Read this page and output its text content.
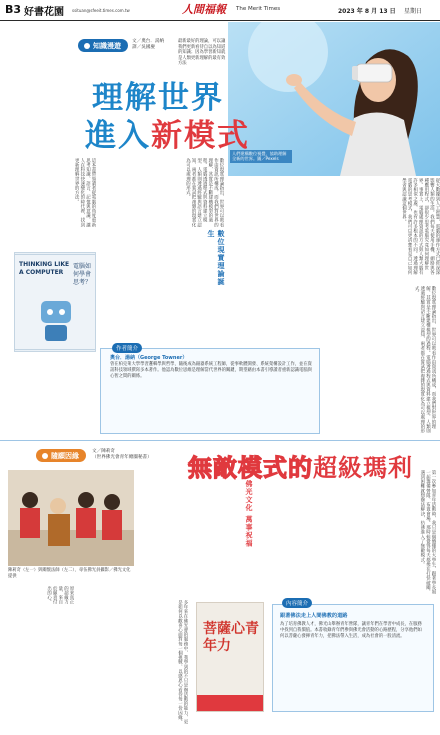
B3 好書花園 ssituan@sfeeit.times.com.tw	人間福報 The Merit Times	2023 年 8 月 13 日 星期日
人們建構數位視覺，協助理解全新的世界。圖／Pexels
知識漫遊 文／奧台．湯納
譯／吳國慶
最新最好的理論，可以讓我們更新看待自以為知道的知識；因為學習新知就是人類更新理解的最有效方法
理解世界
進入新模式
從大數據到人工智慧，電腦的運作方式已經深深影響人類的生活。我們每天使用手機、網路與各種應用程式，卻很少思考電腦究竟如何理解世界。事實上，電腦處理資訊的方式與人類大腦有許多相似之處，也有許多根本的不同。透過理解電腦的思考模式，我們可以更清楚看見自己如何學習與認識這個世界。
數位現實理論指出，世界可以被看作由資訊所構成，而我們對世界的理解，其實是不斷建構模型的過程。電腦透過程式與資料建立模型，人類則透過經驗與語言建立認知，兩者都在嘗試把複雜的現實化為可以處理的形式。
數位現實理論誕生
這本書帶領讀者從電腦的角度重新思考知識、語言、記憶與意識，讓人在科技快速變化的時代裡，找到更新理解世界的方法。
THINKING LIKE A COMPUTER
電腦如何學會思考？
作者簡介
奧台．湯納（George Towner）
曾在柏克萊大學學習邏輯學與哲學，隨後成為銀器系統工程師，從事軟體開發、系統架構設計工作，並在資訊科技領域撰寫多本著作。他認為數位思維是理解當代世界的關鍵，期望藉由本書引導讀者重新認識電腦與心智之間的關係。	數位現實理論指出，世界可以被看作由資訊所構成，而我們對世界的理解，其實是不斷建構模型的過程。電腦透過程式與資料建立模型，人類則透過經驗與語言建立認知，兩者都在嘗試把複雜的現實化為可以處理的形式。
隨願因緣	文／陳莉奇
（世界佛光會青年總團秘書）	無敵模式的超級瑪利
陳莉奇（左一）與關懷法師（左二）、尋伍佛光員攝影／佛光文化提供	第一次參加青年活動時，我只是個懵懂的大學生，跟著學長姐一起籌備營隊、布置會場。那時候覺得每天都像在打怪破關，遇到困難就想辦法解決，彷彿進入了無敵模式。
佛光文化 萬事祝福
多年來在佛光會的服務中，我學到的不只是辦活動的能力，更是如何以歡喜心面對每一個挑戰，以感恩心看待每一份因緣。
原來真正的超級力量，來自於願意付出的心。
菩薩心青年力
內容簡介
跟著佛法走上人間佛教的道路
為了培育佛教人才，佛光山舉辦青年營隊，讓青年們在學習中成長，在服務中找到自我價值。本書收錄青年們參與佛光會活動的心路歷程，分享他們如何以菩薩心發揮青年力，把佛法帶入生活，成為社會的一股清流。
